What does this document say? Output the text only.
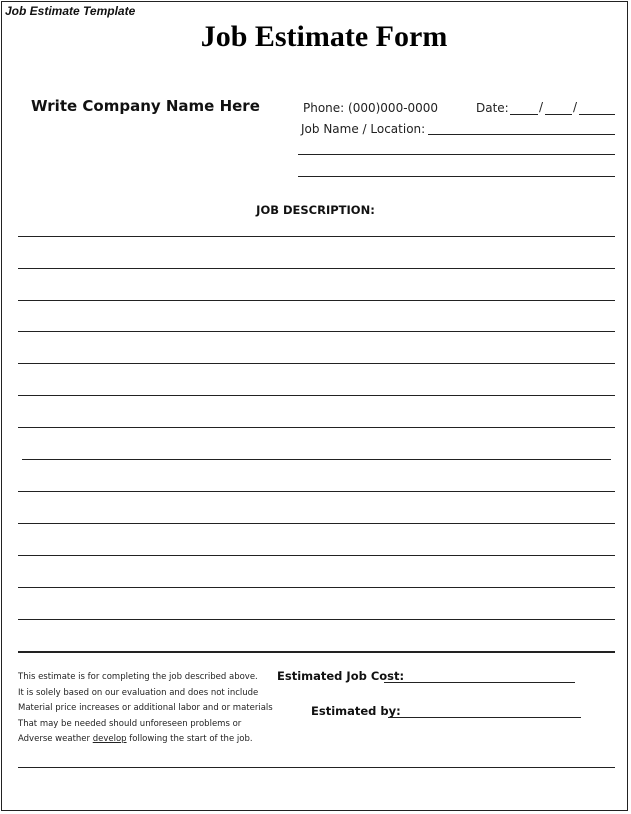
Job Estimate Template
Job Estimate Form
Write Company Name Here	Phone: (000)000-0000	Date:	/ /
Job Name / Location:
JOB DESCRIPTION:
This estimate is for completing the job described above.
It is solely based on our evaluation and does not include
Material price increases or additional labor and or materials
That may be needed should unforeseen problems or
Adverse weather develop following the start of the job.
Estimated Job Cost:
Estimated by:
